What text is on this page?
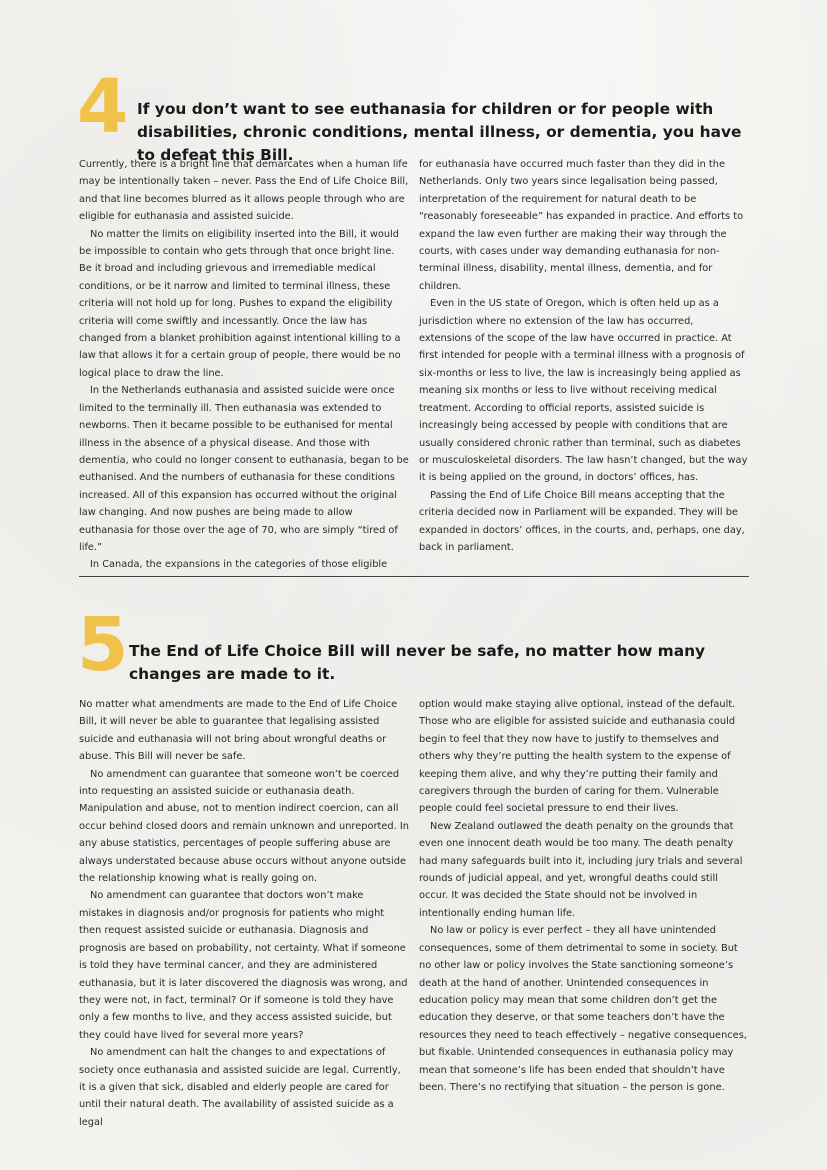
4 If you don’t want to see euthanasia for children or for people with disabilities, chronic conditions, mental illness, or dementia, you have to defeat this Bill.

Currently, there is a bright line that demarcates when a human life may be intentionally taken – never. Pass the End of Life Choice Bill, and that line becomes blurred as it allows people through who are eligible for euthanasia and assisted suicide.

No matter the limits on eligibility inserted into the Bill, it would be impossible to contain who gets through that once bright line. Be it broad and including grievous and irremediable medical conditions, or be it narrow and limited to terminal illness, these criteria will not hold up for long. Pushes to expand the eligibility criteria will come swiftly and incessantly. Once the law has changed from a blanket prohibition against intentional killing to a law that allows it for a certain group of people, there would be no logical place to draw the line.

In the Netherlands euthanasia and assisted suicide were once limited to the terminally ill. Then euthanasia was extended to newborns. Then it became possible to be euthanised for mental illness in the absence of a physical disease. And those with dementia, who could no longer consent to euthanasia, began to be euthanised. And the numbers of euthanasia for these conditions increased. All of this expansion has occurred without the original law changing. And now pushes are being made to allow euthanasia for those over the age of 70, who are simply “tired of life.”

In Canada, the expansions in the categories of those eligible

for euthanasia have occurred much faster than they did in the Netherlands. Only two years since legalisation being passed, interpretation of the requirement for natural death to be “reasonably foreseeable” has expanded in practice. And efforts to expand the law even further are making their way through the courts, with cases under way demanding euthanasia for non-terminal illness, disability, mental illness, dementia, and for children.

Even in the US state of Oregon, which is often held up as a jurisdiction where no extension of the law has occurred, extensions of the scope of the law have occurred in practice. At first intended for people with a terminal illness with a prognosis of six-months or less to live, the law is increasingly being applied as meaning six months or less to live without receiving medical treatment. According to official reports, assisted suicide is increasingly being accessed by people with conditions that are usually considered chronic rather than terminal, such as diabetes or musculoskeletal disorders. The law hasn’t changed, but the way it is being applied on the ground, in doctors’ offices, has.

Passing the End of Life Choice Bill means accepting that the criteria decided now in Parliament will be expanded. They will be expanded in doctors’ offices, in the courts, and, perhaps, one day, back in parliament.

5 The End of Life Choice Bill will never be safe, no matter how many changes are made to it.

No matter what amendments are made to the End of Life Choice Bill, it will never be able to guarantee that legalising assisted suicide and euthanasia will not bring about wrongful deaths or abuse. This Bill will never be safe.

No amendment can guarantee that someone won’t be coerced into requesting an assisted suicide or euthanasia death. Manipulation and abuse, not to mention indirect coercion, can all occur behind closed doors and remain unknown and unreported. In any abuse statistics, percentages of people suffering abuse are always understated because abuse occurs without anyone outside the relationship knowing what is really going on.

No amendment can guarantee that doctors won’t make mistakes in diagnosis and/or prognosis for patients who might then request assisted suicide or euthanasia. Diagnosis and prognosis are based on probability, not certainty. What if someone is told they have terminal cancer, and they are administered euthanasia, but it is later discovered the diagnosis was wrong, and they were not, in fact, terminal? Or if someone is told they have only a few months to live, and they access assisted suicide, but they could have lived for several more years?

No amendment can halt the changes to and expectations of society once euthanasia and assisted suicide are legal. Currently, it is a given that sick, disabled and elderly people are cared for until their natural death. The availability of assisted suicide as a legal

option would make staying alive optional, instead of the default. Those who are eligible for assisted suicide and euthanasia could begin to feel that they now have to justify to themselves and others why they’re putting the health system to the expense of keeping them alive, and why they’re putting their family and caregivers through the burden of caring for them. Vulnerable people could feel societal pressure to end their lives.

New Zealand outlawed the death penalty on the grounds that even one innocent death would be too many. The death penalty had many safeguards built into it, including jury trials and several rounds of judicial appeal, and yet, wrongful deaths could still occur. It was decided the State should not be involved in intentionally ending human life.

No law or policy is ever perfect – they all have unintended consequences, some of them detrimental to some in society. But no other law or policy involves the State sanctioning someone’s death at the hand of another. Unintended consequences in education policy may mean that some children don’t get the education they deserve, or that some teachers don’t have the resources they need to teach effectively – negative consequences, but fixable. Unintended consequences in euthanasia policy may mean that someone’s life has been ended that shouldn’t have been. There’s no rectifying that situation – the person is gone.
